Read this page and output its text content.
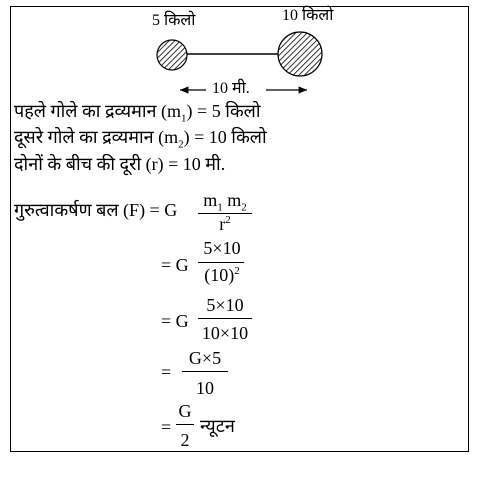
5 किलो	10 किलो
10 मी.
पहले गोले का द्रव्यमान $(m_1) = 5$ किलो
दूसरे गोले का द्रव्यमान $(m_2) = 10$ किलो
दोनों के बीच की दूरी (r) = 10 मी.
गुरुत्वाकर्षण बल (F) = G	$m_1$ $m_2$
$r^2$
= G
5×10
$(10)^2$
= G
5×10
10×10
=
G×5
10
=
G
2
न्यूटन
